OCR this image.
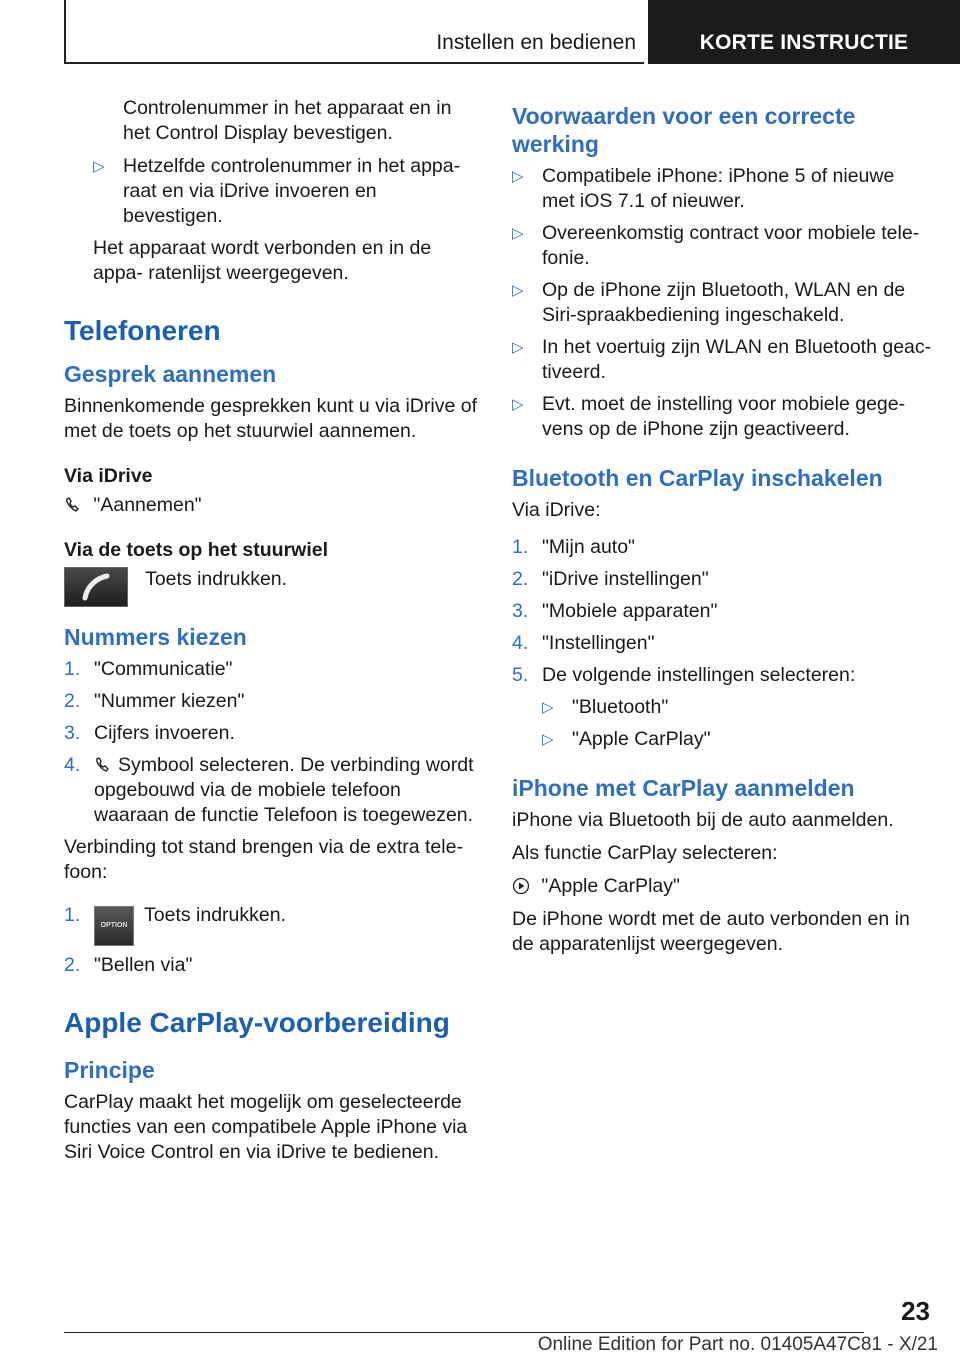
Instellen en bedienen	KORTE INSTRUCTIE

Controlenummer in het apparaat en in het Control Display bevestigen.

▷ Hetzelfde controlenummer in het appa- raat en via iDrive invoeren en bevestigen.

Het apparaat wordt verbonden en in de appa- ratenlijst weergegeven.

Telefoneren
Gesprek aannemen

Binnenkomende gesprekken kunt u via iDrive of met de toets op het stuurwiel aannemen.

Via iDrive

"Aannemen"

Via de toets op het stuurwiel

Toets indrukken.
Nummers kiezen
1. "Communicatie"
2. "Nummer kiezen"
3. Cijfers invoeren.
4. Symbool selecteren. De verbinding wordt opgebouwd via de mobiele telefoon waaraan de functie Telefoon is toegewezen.

Verbinding tot stand brengen via de extra tele- foon:

1.	OPTION Toets indrukken.
2. "Bellen via"
Apple CarPlay-voorbereiding
Principe

CarPlay maakt het mogelijk om geselecteerde functies van een compatibele Apple iPhone via Siri Voice Control en via iDrive te bedienen.

Voorwaarden voor een correcte werking
▷ Compatibele iPhone: iPhone 5 of nieuwe met iOS 7.1 of nieuwer.
▷ Overeenkomstig contract voor mobiele tele- fonie.
▷ Op de iPhone zijn Bluetooth, WLAN en de Siri-spraakbediening ingeschakeld.
▷ In het voertuig zijn WLAN en Bluetooth geac- tiveerd.
▷ Evt. moet de instelling voor mobiele gege- vens op de iPhone zijn geactiveerd.
Bluetooth en CarPlay inschakelen

Via iDrive:

1. "Mijn auto"
2. "iDrive instellingen"
3. "Mobiele apparaten"
4. "Instellingen"
5. De volgende instellingen selecteren:
▷ "Bluetooth"
▷ "Apple CarPlay"
iPhone met CarPlay aanmelden

iPhone via Bluetooth bij de auto aanmelden.

Als functie CarPlay selecteren:

"Apple CarPlay"

De iPhone wordt met de auto verbonden en in de apparatenlijst weergegeven.

23
Online Edition for Part no. 01405A47C81 - X/21
